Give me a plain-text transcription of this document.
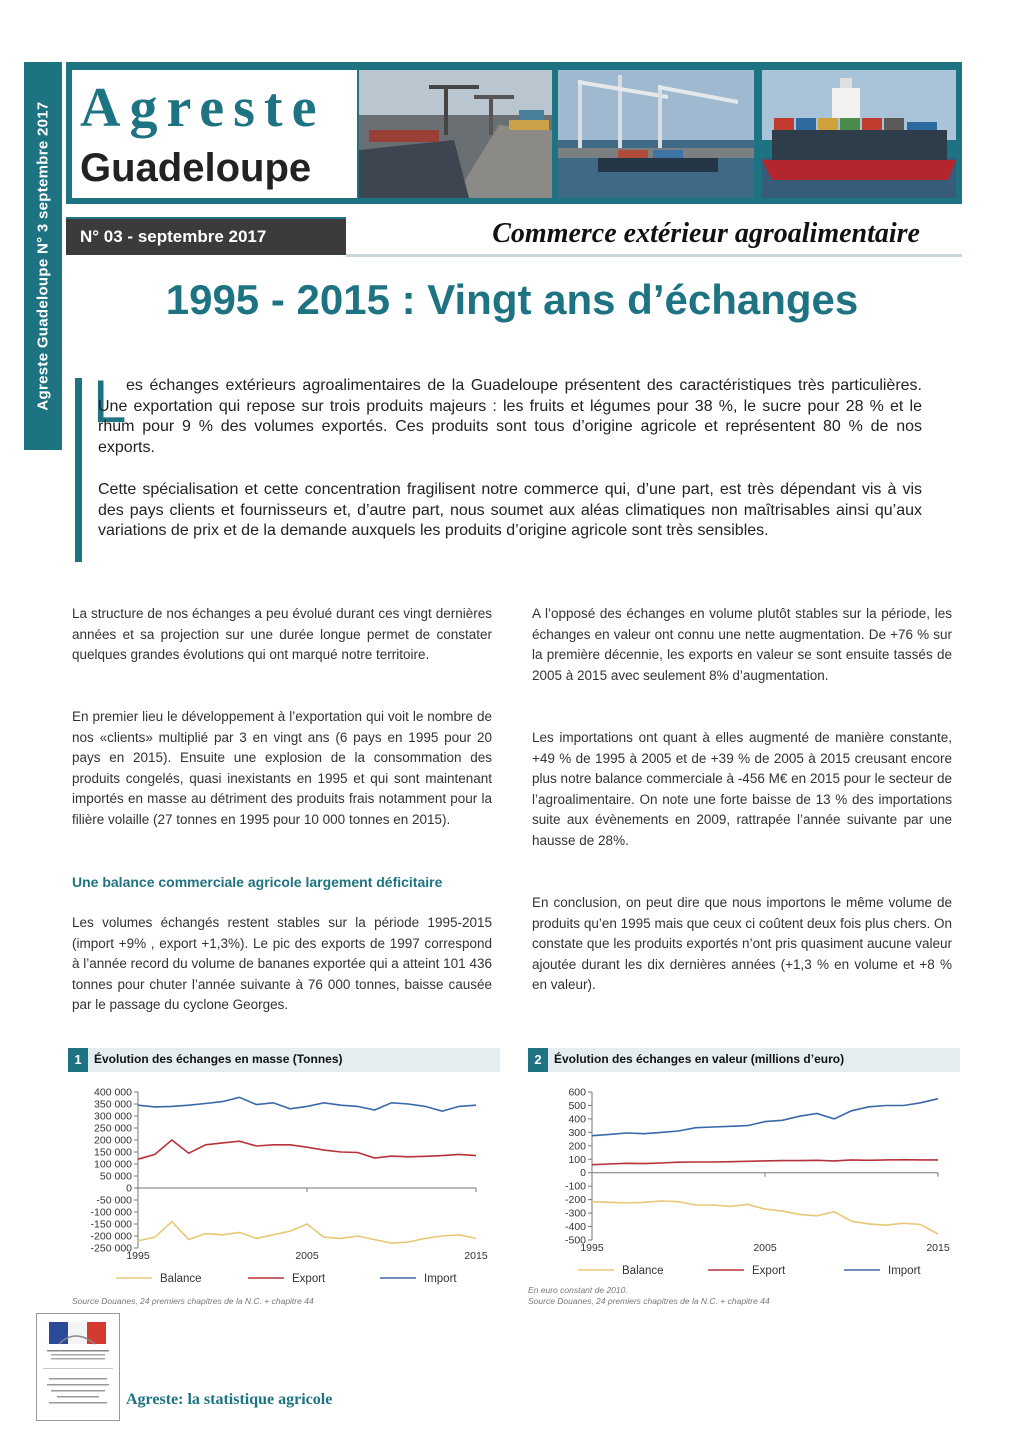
Agreste Guadeloupe N° 3 septembre 2017 Agreste
Guadeloupe
N° 03 - septembre 2017	Commerce extérieur agroalimentaire
1995 - 2015 : Vingt ans d’échanges
L es échanges extérieurs agroalimentaires de la Guadeloupe présentent des caractéristiques très particulières. Une exportation qui repose sur trois produits majeurs : les fruits et légumes pour 38 %, le sucre pour 28 % et le rhum pour 9 % des volumes exportés. Ces produits sont tous d’origine agricole et représentent 80 % de nos exports.

Cette spécialisation et cette concentration fragilisent notre commerce qui, d’une part, est très dépendant vis à vis des pays clients et fournisseurs et, d’autre part, nous soumet aux aléas climatiques non maîtrisables ainsi qu’aux variations de prix et de la demande auxquels les produits d’origine agricole sont très sensibles.

La structure de nos échanges a peu évolué durant ces vingt dernières années et sa projection sur une durée longue permet de constater quelques grandes évolutions qui ont marqué notre territoire.

En premier lieu le développement à l’exportation qui voit le nombre de nos «clients» multiplié par 3 en vingt ans (6 pays en 1995 pour 20 pays en 2015). Ensuite une explosion de la consommation des produits congelés, quasi inexistants en 1995 et qui sont maintenant importés en masse au détriment des produits frais notamment pour la filière volaille (27 tonnes en 1995 pour 10 000 tonnes en 2015).

Une balance commerciale agricole largement déficitaire

Les volumes échangés restent stables sur la période 1995-2015 (import +9% , export +1,3%). Le pic des exports de 1997 correspond à l’année record du volume de bananes exportée qui a atteint 101 436 tonnes pour chuter l’année suivante à 76 000 tonnes, baisse causée par le passage du cyclone Georges.

A l’opposé des échanges en volume plutôt stables sur la période, les échanges en valeur ont connu une nette augmentation. De +76 % sur la première décennie, les exports en valeur se sont ensuite tassés de 2005 à 2015 avec seulement 8% d’augmentation.

Les importations ont quant à elles augmenté de manière constante, +49 % de 1995 à 2005 et de +39 % de 2005 à 2015 creusant encore plus notre balance commerciale à -456 M€ en 2015 pour le secteur de l’agroalimentaire. On note une forte baisse de 13 % des importations suite aux évènements en 2009, rattrapée l’année suivante par une hausse de 28%.

En conclusion, on peut dire que nous importons le même volume de produits qu’en 1995 mais que ceux ci coûtent deux fois plus chers. On constate que les produits exportés n’ont pris quasiment aucune valeur ajoutée durant les dix dernières années (+1,3 % en volume et +8 % en valeur).

1	Évolution des échanges en masse (Tonnes)
-250 000
-200 000
-150 000
-100 000
-50 000
0
50 000
100 000
150 000
200 000
250 000
300 000
350 000
400 000
1995	2005	2015
Balance	Export	Import
Source Douanes, 24 premiers chapitres de la N.C. + chapitre 44
2	Évolution des échanges en valeur (millions d’euro)
-500
-400
-300
-200
-100
0
100
200
300
400
500
600
1995	2005	2015
Balance	Export	Import
En euro constant de 2010.
Source Douanes, 24 premiers chapitres de la N.C. + chapitre 44
Agreste: la statistique agricole
